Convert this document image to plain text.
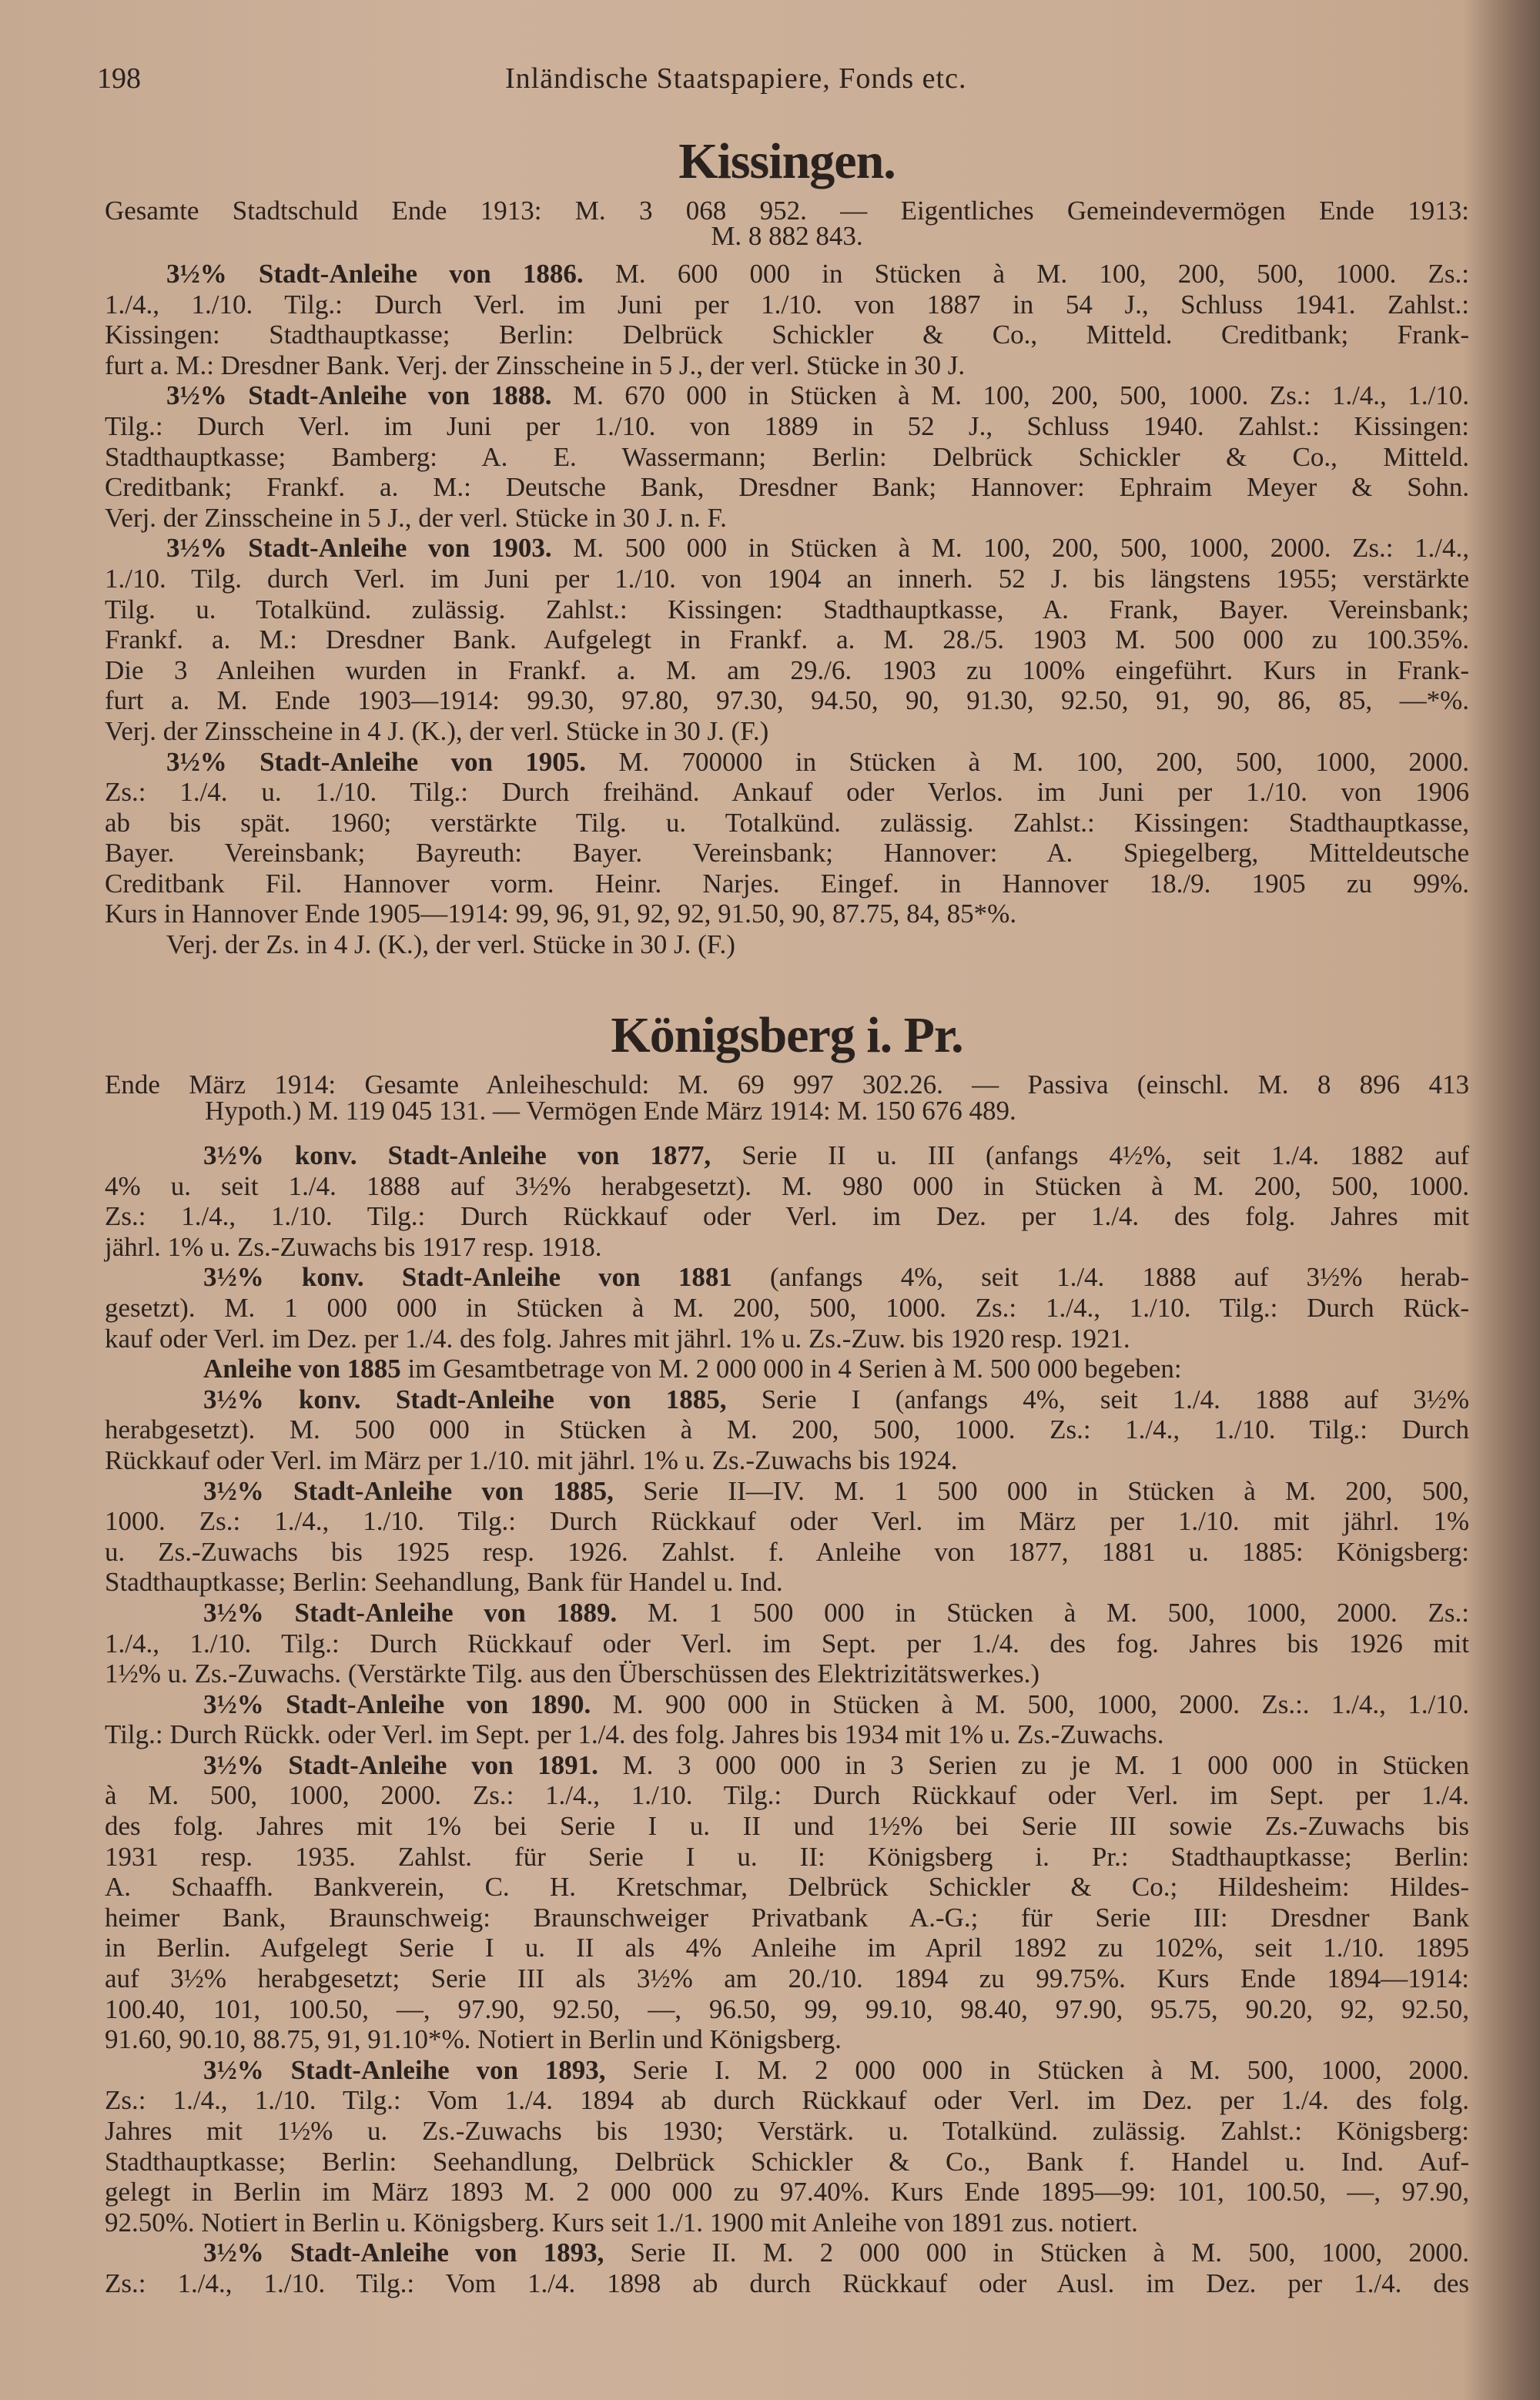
198	Inländische Staatspapiere, Fonds etc.
Kissingen.
Gesamte Stadtschuld Ende 1913: M. 3 068 952. — Eigentliches Gemeindevermögen Ende 1913:
M. 8 882 843.
3½% Stadt-Anleihe von 1886. M. 600 000 in Stücken à M. 100, 200, 500, 1000. Zs.:
1./4., 1./10. Tilg.: Durch Verl. im Juni per 1./10. von 1887 in 54 J., Schluss 1941. Zahlst.:
Kissingen: Stadthauptkasse; Berlin: Delbrück Schickler & Co., Mitteld. Creditbank; Frank-
furt a. M.: Dresdner Bank. Verj. der Zinsscheine in 5 J., der verl. Stücke in 30 J.
3½% Stadt-Anleihe von 1888. M. 670 000 in Stücken à M. 100, 200, 500, 1000. Zs.: 1./4., 1./10.
Tilg.: Durch Verl. im Juni per 1./10. von 1889 in 52 J., Schluss 1940. Zahlst.: Kissingen:
Stadthauptkasse; Bamberg: A. E. Wassermann; Berlin: Delbrück Schickler & Co., Mitteld.
Creditbank; Frankf. a. M.: Deutsche Bank, Dresdner Bank; Hannover: Ephraim Meyer & Sohn.
Verj. der Zinsscheine in 5 J., der verl. Stücke in 30 J. n. F.
3½% Stadt-Anleihe von 1903. M. 500 000 in Stücken à M. 100, 200, 500, 1000, 2000. Zs.: 1./4.,
1./10. Tilg. durch Verl. im Juni per 1./10. von 1904 an innerh. 52 J. bis längstens 1955; verstärkte
Tilg. u. Totalkünd. zulässig. Zahlst.: Kissingen: Stadthauptkasse, A. Frank, Bayer. Vereinsbank;
Frankf. a. M.: Dresdner Bank. Aufgelegt in Frankf. a. M. 28./5. 1903 M. 500 000 zu 100.35%.
Die 3 Anleihen wurden in Frankf. a. M. am 29./6. 1903 zu 100% eingeführt. Kurs in Frank-
furt a. M. Ende 1903—1914: 99.30, 97.80, 97.30, 94.50, 90, 91.30, 92.50, 91, 90, 86, 85, —*%.
Verj. der Zinsscheine in 4 J. (K.), der verl. Stücke in 30 J. (F.)
3½% Stadt-Anleihe von 1905. M. 700000 in Stücken à M. 100, 200, 500, 1000, 2000.
Zs.: 1./4. u. 1./10. Tilg.: Durch freihänd. Ankauf oder Verlos. im Juni per 1./10. von 1906
ab bis spät. 1960; verstärkte Tilg. u. Totalkünd. zulässig. Zahlst.: Kissingen: Stadthauptkasse,
Bayer. Vereinsbank; Bayreuth: Bayer. Vereinsbank; Hannover: A. Spiegelberg, Mitteldeutsche
Creditbank Fil. Hannover vorm. Heinr. Narjes. Eingef. in Hannover 18./9. 1905 zu 99%.
Kurs in Hannover Ende 1905—1914: 99, 96, 91, 92, 92, 91.50, 90, 87.75, 84, 85*%.
Verj. der Zs. in 4 J. (K.), der verl. Stücke in 30 J. (F.)
Königsberg i. Pr.
Ende März 1914: Gesamte Anleiheschuld: M. 69 997 302.26. — Passiva (einschl. M. 8 896 413
Hypoth.) M. 119 045 131. — Vermögen Ende März 1914: M. 150 676 489.
3½% konv. Stadt-Anleihe von 1877, Serie II u. III (anfangs 4½%, seit 1./4. 1882 auf
4% u. seit 1./4. 1888 auf 3½% herabgesetzt). M. 980 000 in Stücken à M. 200, 500, 1000.
Zs.: 1./4., 1./10. Tilg.: Durch Rückkauf oder Verl. im Dez. per 1./4. des folg. Jahres mit
jährl. 1% u. Zs.-Zuwachs bis 1917 resp. 1918.
3½% konv. Stadt-Anleihe von 1881 (anfangs 4%, seit 1./4. 1888 auf 3½% herab-
gesetzt). M. 1 000 000 in Stücken à M. 200, 500, 1000. Zs.: 1./4., 1./10. Tilg.: Durch Rück-
kauf oder Verl. im Dez. per 1./4. des folg. Jahres mit jährl. 1% u. Zs.-Zuw. bis 1920 resp. 1921.
Anleihe von 1885 im Gesamtbetrage von M. 2 000 000 in 4 Serien à M. 500 000 begeben:
3½% konv. Stadt-Anleihe von 1885, Serie I (anfangs 4%, seit 1./4. 1888 auf 3½%
herabgesetzt). M. 500 000 in Stücken à M. 200, 500, 1000. Zs.: 1./4., 1./10. Tilg.: Durch
Rückkauf oder Verl. im März per 1./10. mit jährl. 1% u. Zs.-Zuwachs bis 1924.
3½% Stadt-Anleihe von 1885, Serie II—IV. M. 1 500 000 in Stücken à M. 200, 500,
1000. Zs.: 1./4., 1./10. Tilg.: Durch Rückkauf oder Verl. im März per 1./10. mit jährl. 1%
u. Zs.-Zuwachs bis 1925 resp. 1926. Zahlst. f. Anleihe von 1877, 1881 u. 1885: Königsberg:
Stadthauptkasse; Berlin: Seehandlung, Bank für Handel u. Ind.
3½% Stadt-Anleihe von 1889. M. 1 500 000 in Stücken à M. 500, 1000, 2000. Zs.:
1./4., 1./10. Tilg.: Durch Rückkauf oder Verl. im Sept. per 1./4. des fog. Jahres bis 1926 mit
1½% u. Zs.-Zuwachs. (Verstärkte Tilg. aus den Überschüssen des Elektrizitätswerkes.)
3½% Stadt-Anleihe von 1890. M. 900 000 in Stücken à M. 500, 1000, 2000. Zs.:. 1./4., 1./10.
Tilg.: Durch Rückk. oder Verl. im Sept. per 1./4. des folg. Jahres bis 1934 mit 1% u. Zs.-Zuwachs.
3½% Stadt-Anleihe von 1891. M. 3 000 000 in 3 Serien zu je M. 1 000 000 in Stücken
à M. 500, 1000, 2000. Zs.: 1./4., 1./10. Tilg.: Durch Rückkauf oder Verl. im Sept. per 1./4.
des folg. Jahres mit 1% bei Serie I u. II und 1½% bei Serie III sowie Zs.-Zuwachs bis
1931 resp. 1935. Zahlst. für Serie I u. II: Königsberg i. Pr.: Stadthauptkasse; Berlin:
A. Schaaffh. Bankverein, C. H. Kretschmar, Delbrück Schickler & Co.; Hildesheim: Hildes-
heimer Bank, Braunschweig: Braunschweiger Privatbank A.-G.; für Serie III: Dresdner Bank
in Berlin. Aufgelegt Serie I u. II als 4% Anleihe im April 1892 zu 102%, seit 1./10. 1895
auf 3½% herabgesetzt; Serie III als 3½% am 20./10. 1894 zu 99.75%. Kurs Ende 1894—1914:
100.40, 101, 100.50, —, 97.90, 92.50, —, 96.50, 99, 99.10, 98.40, 97.90, 95.75, 90.20, 92, 92.50,
91.60, 90.10, 88.75, 91, 91.10*%. Notiert in Berlin und Königsberg.
3½% Stadt-Anleihe von 1893, Serie I. M. 2 000 000 in Stücken à M. 500, 1000, 2000.
Zs.: 1./4., 1./10. Tilg.: Vom 1./4. 1894 ab durch Rückkauf oder Verl. im Dez. per 1./4. des folg.
Jahres mit 1½% u. Zs.-Zuwachs bis 1930; Verstärk. u. Totalkünd. zulässig. Zahlst.: Königsberg:
Stadthauptkasse; Berlin: Seehandlung, Delbrück Schickler & Co., Bank f. Handel u. Ind. Auf-
gelegt in Berlin im März 1893 M. 2 000 000 zu 97.40%. Kurs Ende 1895—99: 101, 100.50, —, 97.90,
92.50%. Notiert in Berlin u. Königsberg. Kurs seit 1./1. 1900 mit Anleihe von 1891 zus. notiert.
3½% Stadt-Anleihe von 1893, Serie II. M. 2 000 000 in Stücken à M. 500, 1000, 2000.
Zs.: 1./4., 1./10. Tilg.: Vom 1./4. 1898 ab durch Rückkauf oder Ausl. im Dez. per 1./4. des
